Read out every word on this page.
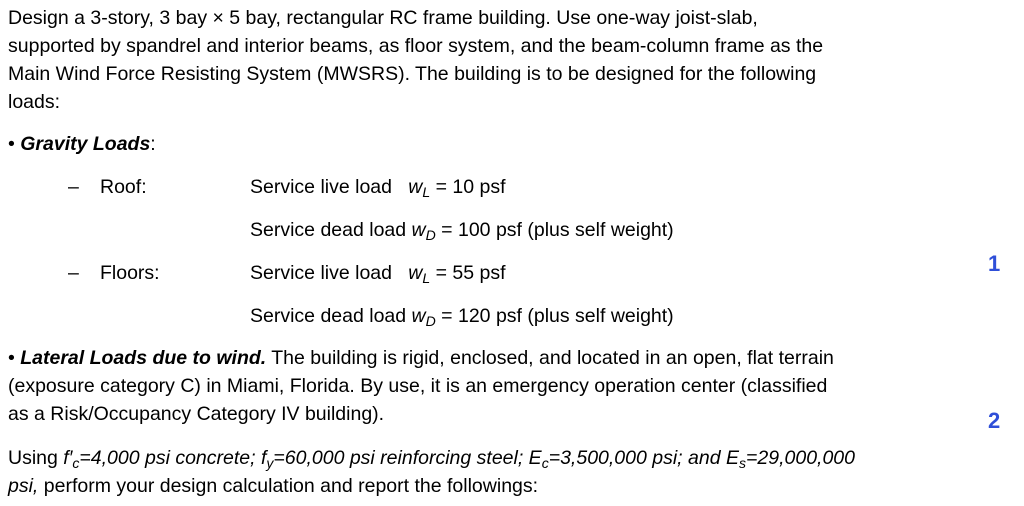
Design a 3-story, 3 bay × 5 bay, rectangular RC frame building. Use one-way joist-slab,
supported by spandrel and interior beams, as floor system, and the beam-column frame as the
Main Wind Force Resisting System (MWSRS). The building is to be designed for the following
loads:
• Gravity Loads:
– Roof:	Service live load $w_L = 10$ psf
Service dead load $w_D = 100$ psf (plus self weight)
– Floors:	Service live load $w_L = 55$ psf
Service dead load $w_D = 120$ psf (plus self weight)
• Lateral Loads due to wind. The building is rigid, enclosed, and located in an open, flat terrain
(exposure category C) in Miami, Florida. By use, it is an emergency operation center (classified
as a Risk/Occupancy Category IV building).
Using $f'_c=4,000$ psi concrete; $f_y=60,000$ psi reinforcing steel; $E_c=3,500,000$ psi; and $E_s=29,000,000$
psi, perform your design calculation and report the followings:
1
2
